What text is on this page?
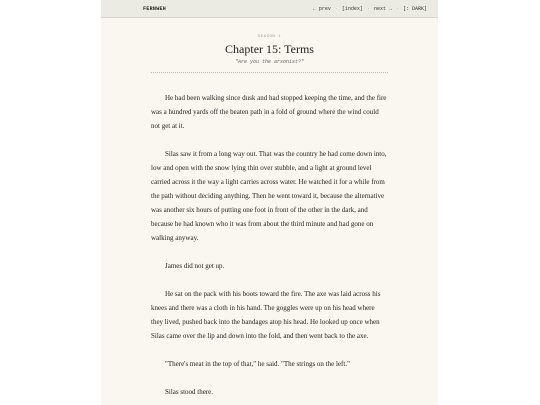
FERNWEH	← prev · [index] · next → · [: DARK]
SEASON 1
Chapter 15: Terms
"Are you the arsonist?"

He had been walking since dusk and had stopped keeping the time, and the fire was a hundred yards off the beaten path in a fold of ground where the wind could not get at it.

Silas saw it from a long way out. That was the country he had come down into, low and open with the snow lying thin over stubble, and a light at ground level carried across it the way a light carries across water. He watched it for a while from the path without deciding anything. Then he went toward it, because the alternative was another six hours of putting one foot in front of the other in the dark, and because he had known who it was from about the third minute and had gone on walking anyway.

James did not get up.

He sat on the pack with his boots toward the fire. The axe was laid across his knees and there was a cloth in his hand. The goggles were up on his head where they lived, pushed back into the bandages atop his head. He looked up once when Silas came over the lip and down into the fold, and then went back to the axe.

"There's meat in the top of that," he said. "The strings on the left."

Silas stood there.
